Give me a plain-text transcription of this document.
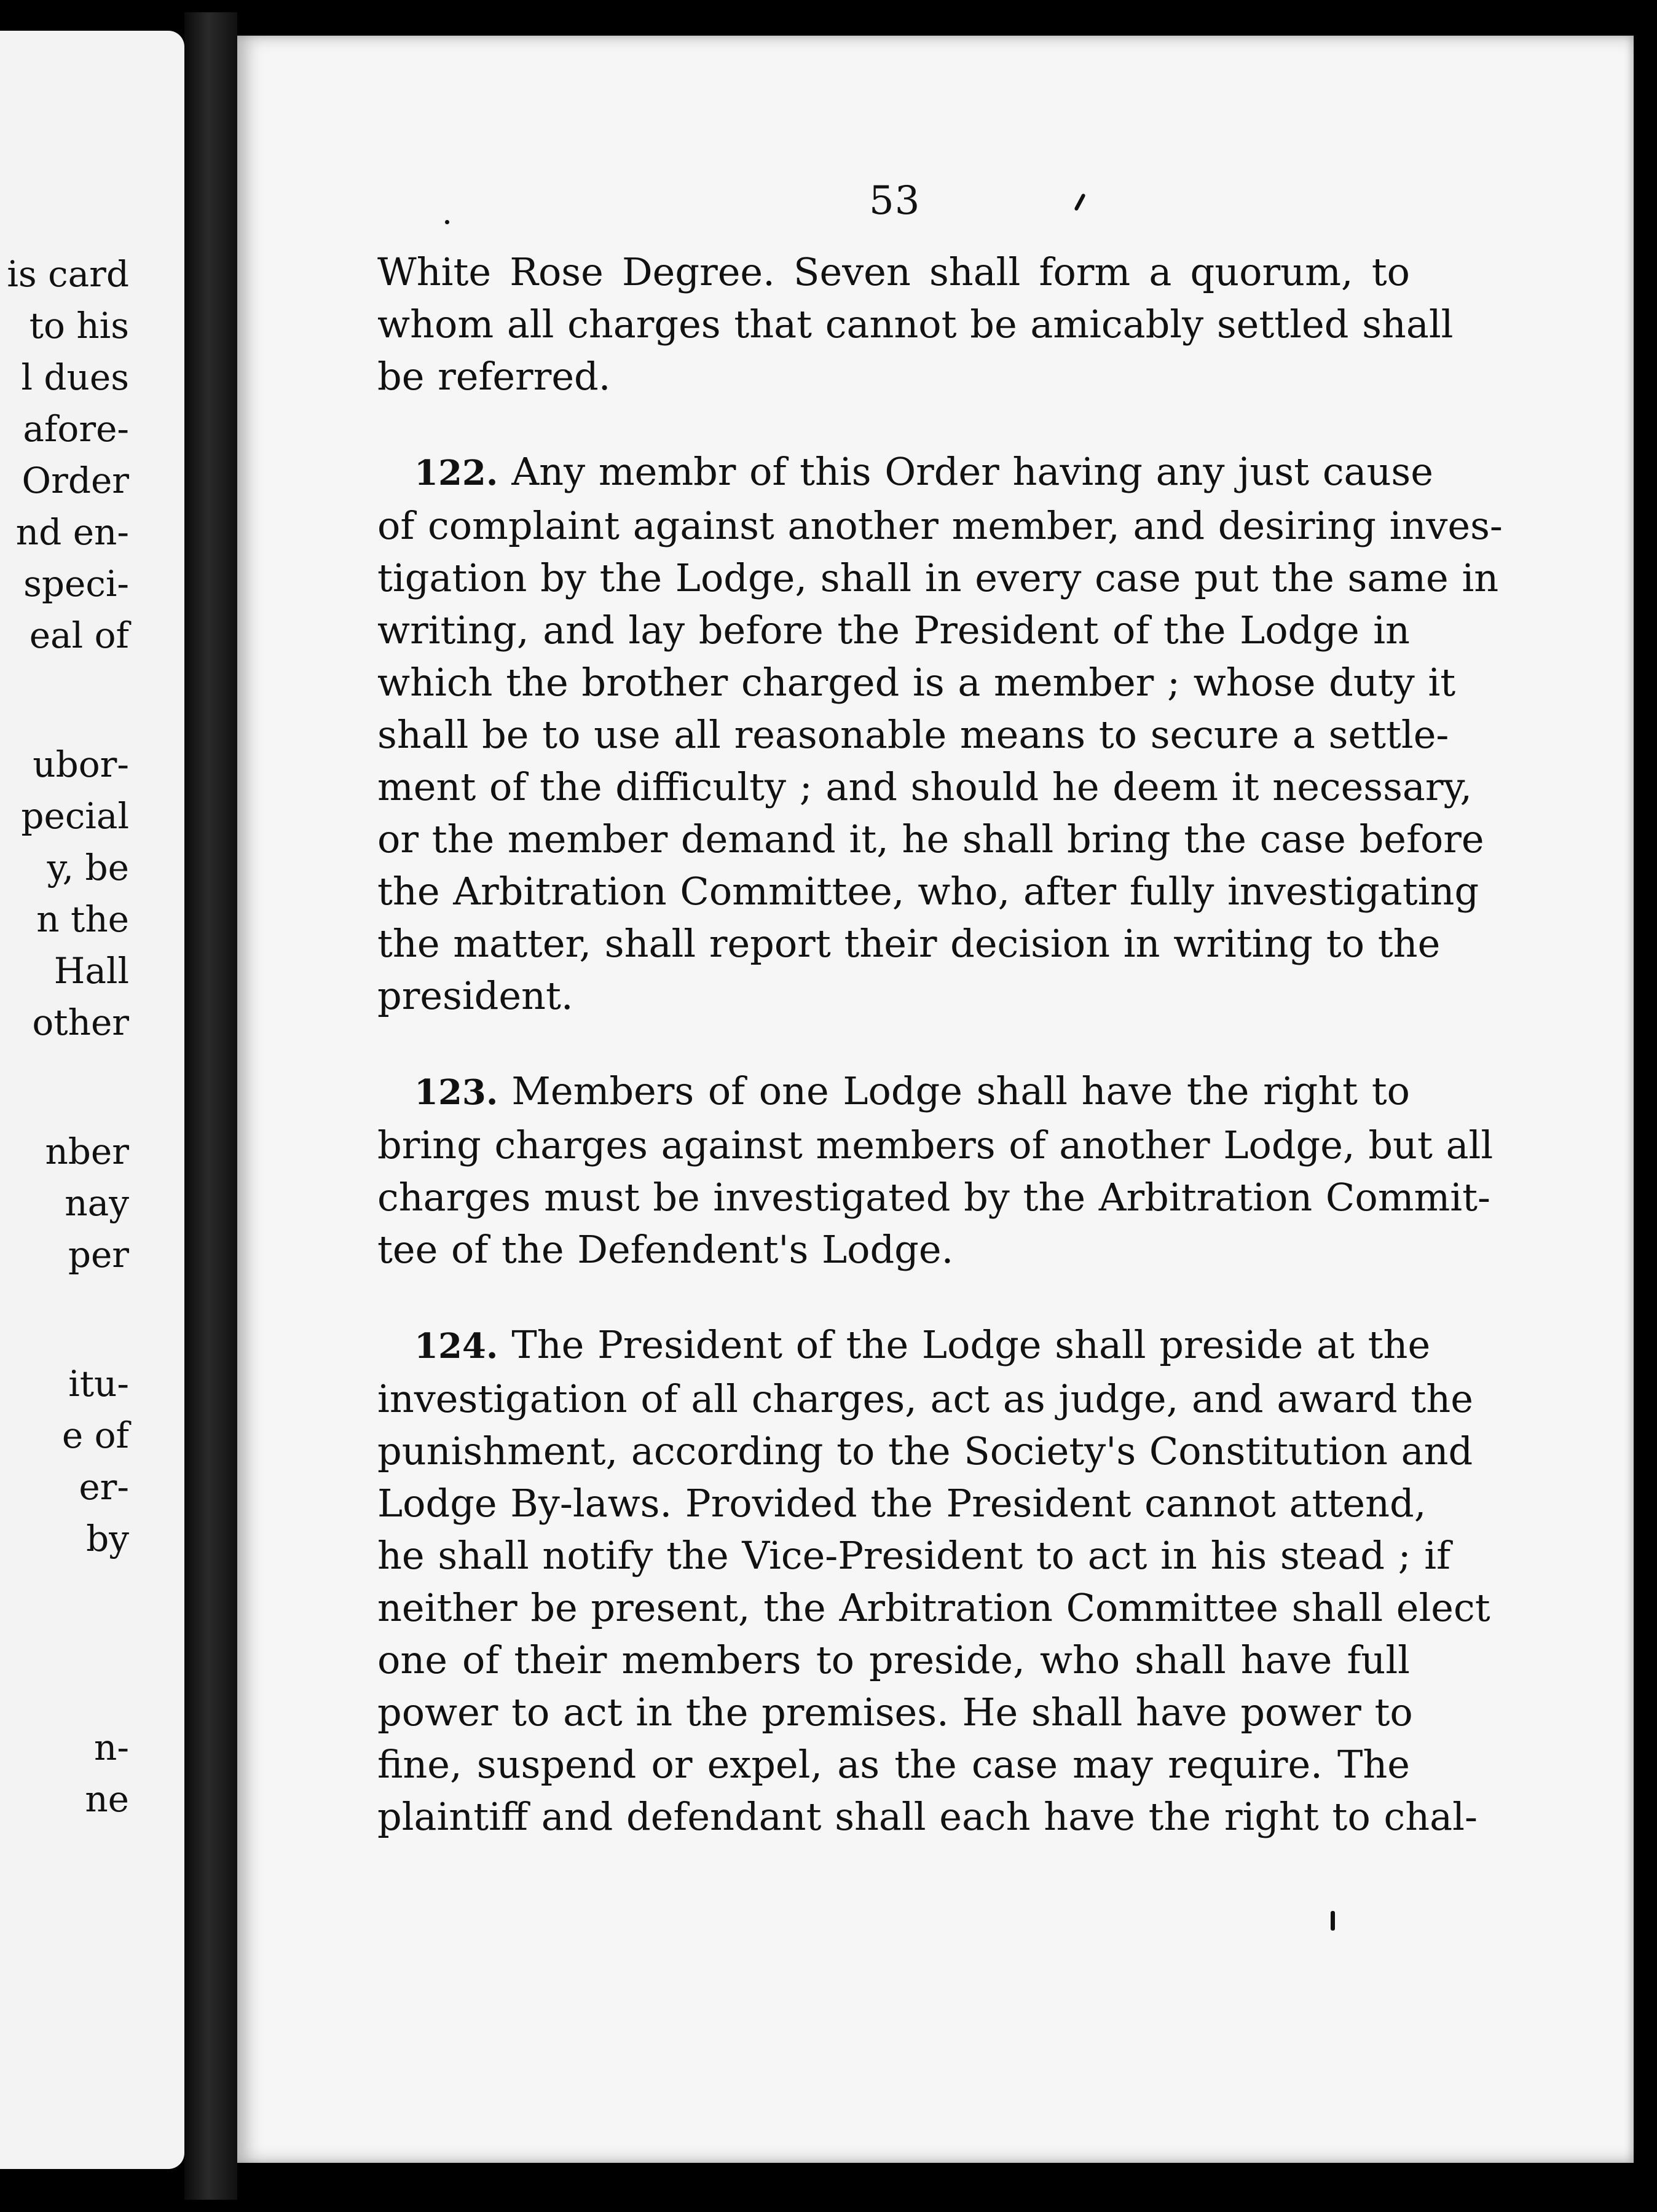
is card
to his
l dues
afore-
Order
nd en-
speci-
eal of
ubor-
pecial
y, be
n the
Hall
other
nber
nay
per
itu-
e of
er-
by
n-
ne
53
White Rose Degree. Seven shall form a quorum, to
whom all charges that cannot be amicably settled shall
be referred.
122. Any membr of this Order having any just cause
of complaint against another member, and desiring inves-
tigation by the Lodge, shall in every case put the same in
writing, and lay before the President of the Lodge in
which the brother charged is a member ; whose duty it
shall be to use all reasonable means to secure a settle-
ment of the difficulty ; and should he deem it necessary,
or the member demand it, he shall bring the case before
the Arbitration Committee, who, after fully investigating
the matter, shall report their decision in writing to the
president.
123. Members of one Lodge shall have the right to
bring charges against members of another Lodge, but all
charges must be investigated by the Arbitration Commit-
tee of the Defendent's Lodge.
124. The President of the Lodge shall preside at the
investigation of all charges, act as judge, and award the
punishment, according to the Society's Constitution and
Lodge By-laws. Provided the President cannot attend,
he shall notify the Vice-President to act in his stead ; if
neither be present, the Arbitration Committee shall elect
one of their members to preside, who shall have full
power to act in the premises. He shall have power to
fine, suspend or expel, as the case may require. The
plaintiff and defendant shall each have the right to chal-
